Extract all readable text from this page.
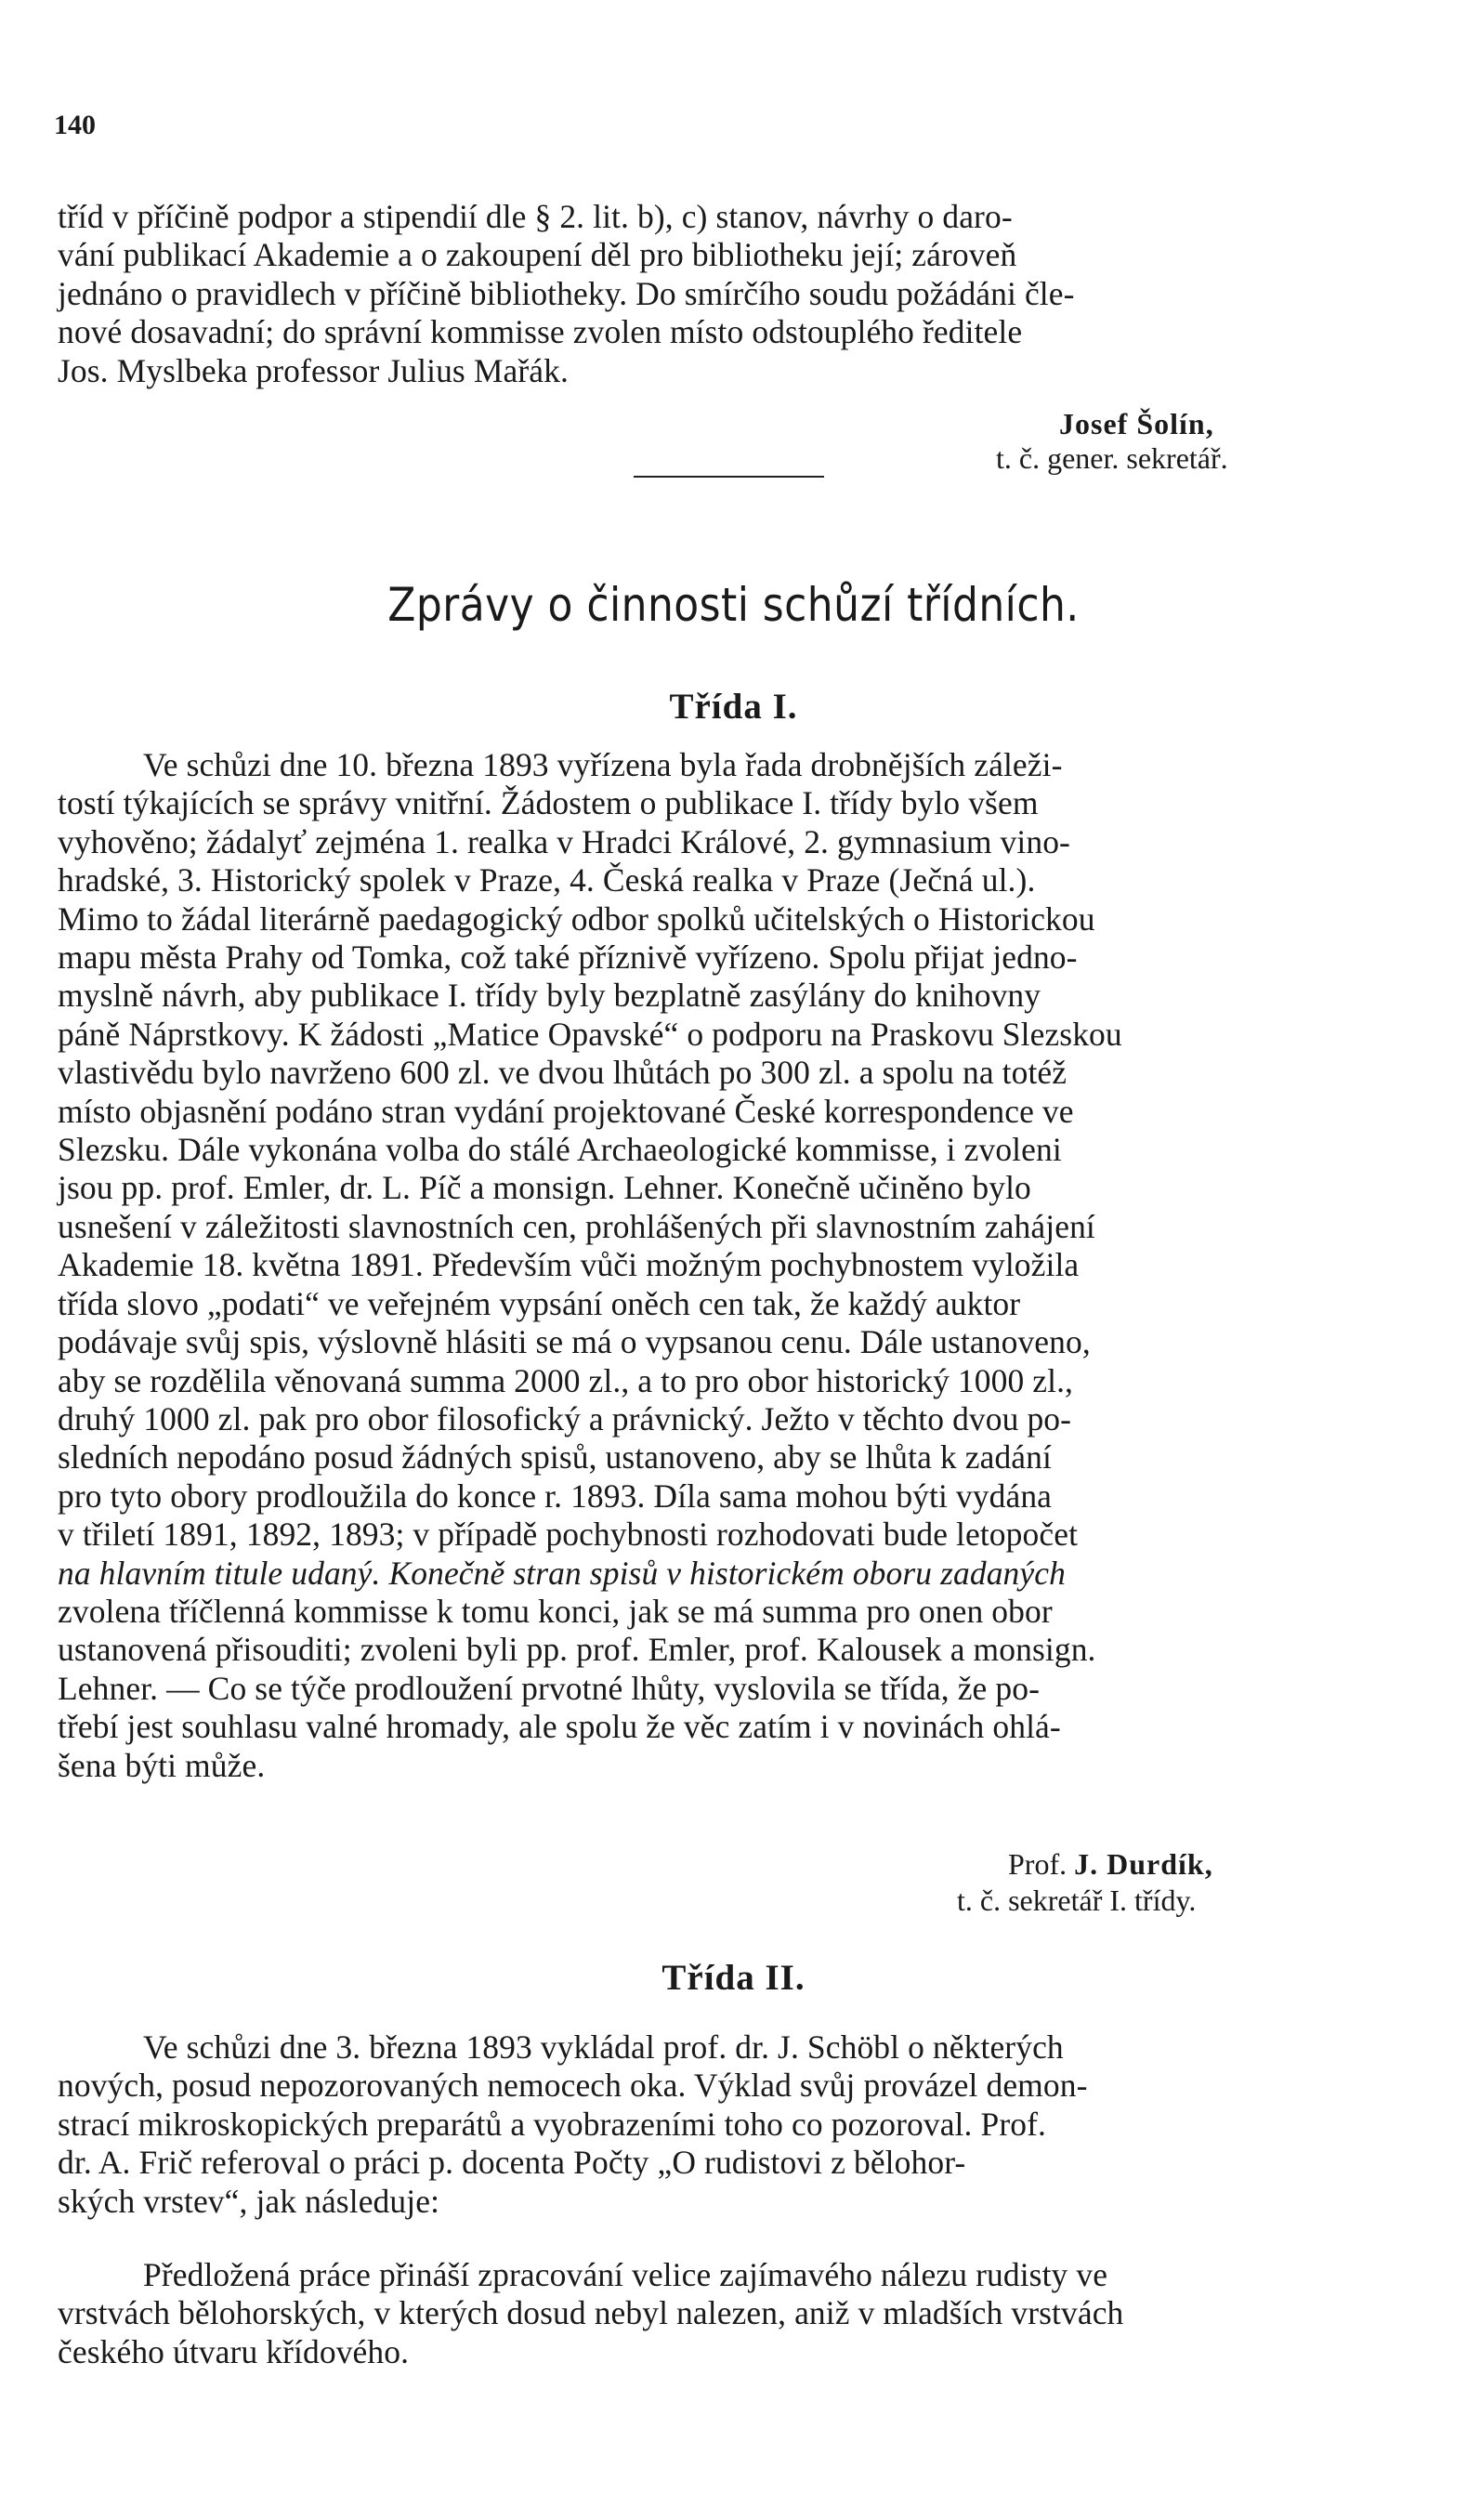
140
tříd v příčině podpor a stipendií dle § 2. lit. b), c) stanov, návrhy o daro-
vání publikací Akademie a o zakoupení děl pro bibliotheku její; zároveň
jednáno o pravidlech v příčině bibliotheky. Do smírčího soudu požádáni čle-
nové dosavadní; do správní kommisse zvolen místo odstouplého ředitele
Jos. Myslbeka professor Julius Mařák.
Josef Šolín,
t. č. gener. sekretář.
Zprávy o činnosti schůzí třídních.
Třída I.
Ve schůzi dne 10. března 1893 vyřízena byla řada drobnějších záleži-
tostí týkajících se správy vnitřní. Žádostem o publikace I. třídy bylo všem
vyhověno; žádalyť zejména 1. realka v Hradci Králové, 2. gymnasium vino-
hradské, 3. Historický spolek v Praze, 4. Česká realka v Praze (Ječná ul.).
Mimo to žádal literárně paedagogický odbor spolků učitelských o Historickou
mapu města Prahy od Tomka, což také příznivě vyřízeno. Spolu přijat jedno-
myslně návrh, aby publikace I. třídy byly bezplatně zasýlány do knihovny
páně Náprstkovy. K žádosti „Matice Opavské“ o podporu na Praskovu Slezskou
vlastivědu bylo navrženo 600 zl. ve dvou lhůtách po 300 zl. a spolu na totéž
místo objasnění podáno stran vydání projektované České korrespondence ve
Slezsku. Dále vykonána volba do stálé Archaeologické kommisse, i zvoleni
jsou pp. prof. Emler, dr. L. Píč a monsign. Lehner. Konečně učiněno bylo
usnešení v záležitosti slavnostních cen, prohlášených při slavnostním zahájení
Akademie 18. května 1891. Především vůči možným pochybnostem vyložila
třída slovo „podati“ ve veřejném vypsání oněch cen tak, že každý auktor
podávaje svůj spis, výslovně hlásiti se má o vypsanou cenu. Dále ustanoveno,
aby se rozdělila věnovaná summa 2000 zl., a to pro obor historický 1000 zl.,
druhý 1000 zl. pak pro obor filosofický a právnický. Ježto v těchto dvou po-
sledních nepodáno posud žádných spisů, ustanoveno, aby se lhůta k zadání
pro tyto obory prodloužila do konce r. 1893. Díla sama mohou býti vydána
v třiletí 1891, 1892, 1893; v případě pochybnosti rozhodovati bude letopočet
na hlavním titule udaný. Konečně stran spisů v historickém oboru zadaných
zvolena tříčlenná kommisse k tomu konci, jak se má summa pro onen obor
ustanovená přisouditi; zvoleni byli pp. prof. Emler, prof. Kalousek a monsign.
Lehner. — Co se týče prodloužení prvotné lhůty, vyslovila se třída, že po-
třebí jest souhlasu valné hromady, ale spolu že věc zatím i v novinách ohlá-
šena býti může.
Prof. J. Durdík,
t. č. sekretář I. třídy.
Třída II.
Ve schůzi dne 3. března 1893 vykládal prof. dr. J. Schöbl o některých
nových, posud nepozorovaných nemocech oka. Výklad svůj provázel demon-
strací mikroskopických preparátů a vyobrazeními toho co pozoroval. Prof.
dr. A. Frič referoval o práci p. docenta Počty „O rudistovi z bělohor-
ských vrstev“, jak následuje:
Předložená práce přináší zpracování velice zajímavého nálezu rudisty ve
vrstvách bělohorských, v kterých dosud nebyl nalezen, aniž v mladších vrstvách
českého útvaru křídového.
